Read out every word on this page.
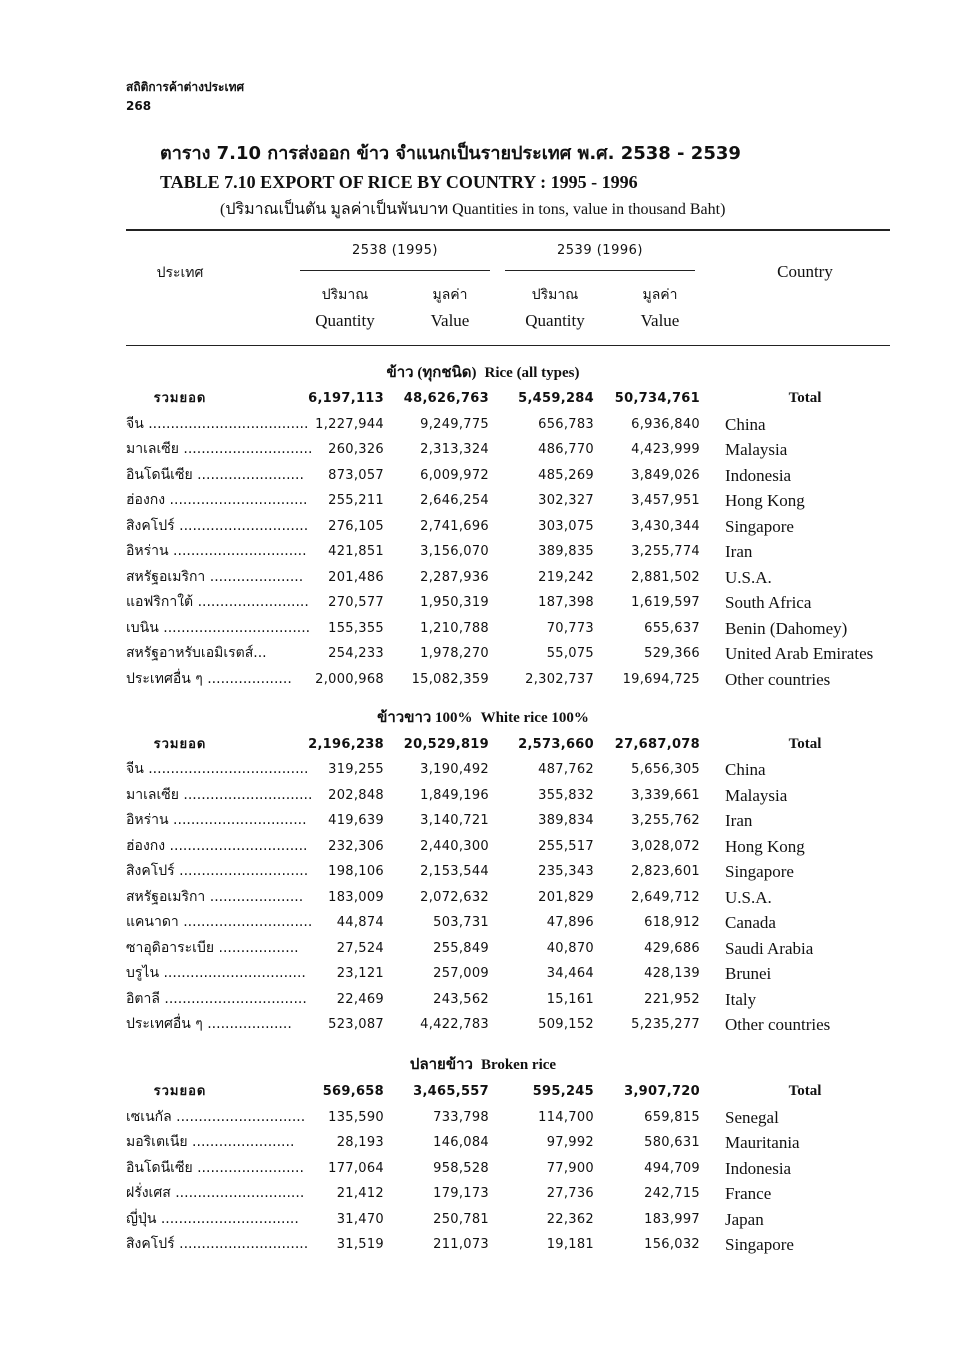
สถิติการค้าต่างประเทศ
268
ตาราง 7.10 การส่งออก ข้าว จำแนกเป็นรายประเทศ พ.ศ. 2538 - 2539
TABLE 7.10 EXPORT OF RICE BY COUNTRY : 1995 - 1996
(ปริมาณเป็นตัน มูลค่าเป็นพันบาท Quantities in tons, value in thousand Baht)
ประเทศ	Country
2538 (1995)	2539 (1996)
ปริมาณ	มูลค่า	ปริมาณ	มูลค่า
Quantity	Value	Quantity	Value
ข้าว (ทุกชนิด) Rice (all types)
รวมยอด	6,197,113	48,626,763	5,459,284	50,734,761	Total
จีน .................................... 1,227,944	9,249,775	656,783	6,936,840 China
มาเลเซีย .............................	260,326	2,313,324	486,770	4,423,999 Malaysia
อินโดนีเซีย ........................	873,057	6,009,972	485,269	3,849,026 Indonesia
ฮ่องกง ...............................	255,211	2,646,254	302,327	3,457,951 Hong Kong
สิงคโปร์ .............................	276,105	2,741,696	303,075	3,430,344 Singapore
อิหร่าน ..............................	421,851	3,156,070	389,835	3,255,774 Iran
สหรัฐอเมริกา .....................	201,486	2,287,936	219,242	2,881,502 U.S.A.
แอฟริกาใต้ .........................	270,577	1,950,319	187,398	1,619,597 South Africa
เบนิน .................................	155,355	1,210,788	70,773	655,637 Benin (Dahomey)
สหรัฐอาหรับเอมิเรตส์...	254,233	1,978,270	55,075	529,366 United Arab Emirates
ประเทศอื่น ๆ ...................	2,000,968	15,082,359	2,302,737	19,694,725 Other countries
ข้าวขาว 100% White rice 100%
รวมยอด	2,196,238	20,529,819	2,573,660	27,687,078	Total
จีน ....................................	319,255	3,190,492	487,762	5,656,305 China
มาเลเซีย .............................	202,848	1,849,196	355,832	3,339,661 Malaysia
อิหร่าน ..............................	419,639	3,140,721	389,834	3,255,762 Iran
ฮ่องกง ...............................	232,306	2,440,300	255,517	3,028,072 Hong Kong
สิงคโปร์ .............................	198,106	2,153,544	235,343	2,823,601 Singapore
สหรัฐอเมริกา .....................	183,009	2,072,632	201,829	2,649,712 U.S.A.
แคนาดา .............................	44,874	503,731	47,896	618,912 Canada
ซาอุดิอาระเบีย ..................	27,524	255,849	40,870	429,686 Saudi Arabia
บรูไน ................................	23,121	257,009	34,464	428,139 Brunei
อิตาลี ................................	22,469	243,562	15,161	221,952 Italy
ประเทศอื่น ๆ ...................	523,087	4,422,783	509,152	5,235,277 Other countries
ปลายข้าว Broken rice
รวมยอด	569,658	3,465,557	595,245	3,907,720	Total
เซเนกัล .............................	135,590	733,798	114,700	659,815 Senegal
มอริเตเนีย .......................	28,193	146,084	97,992	580,631 Mauritania
อินโดนีเซีย ........................	177,064	958,528	77,900	494,709 Indonesia
ฝรั่งเศส .............................	21,412	179,173	27,736	242,715 France
ญี่ปุ่น ...............................	31,470	250,781	22,362	183,997 Japan
สิงคโปร์ .............................	31,519	211,073	19,181	156,032 Singapore
